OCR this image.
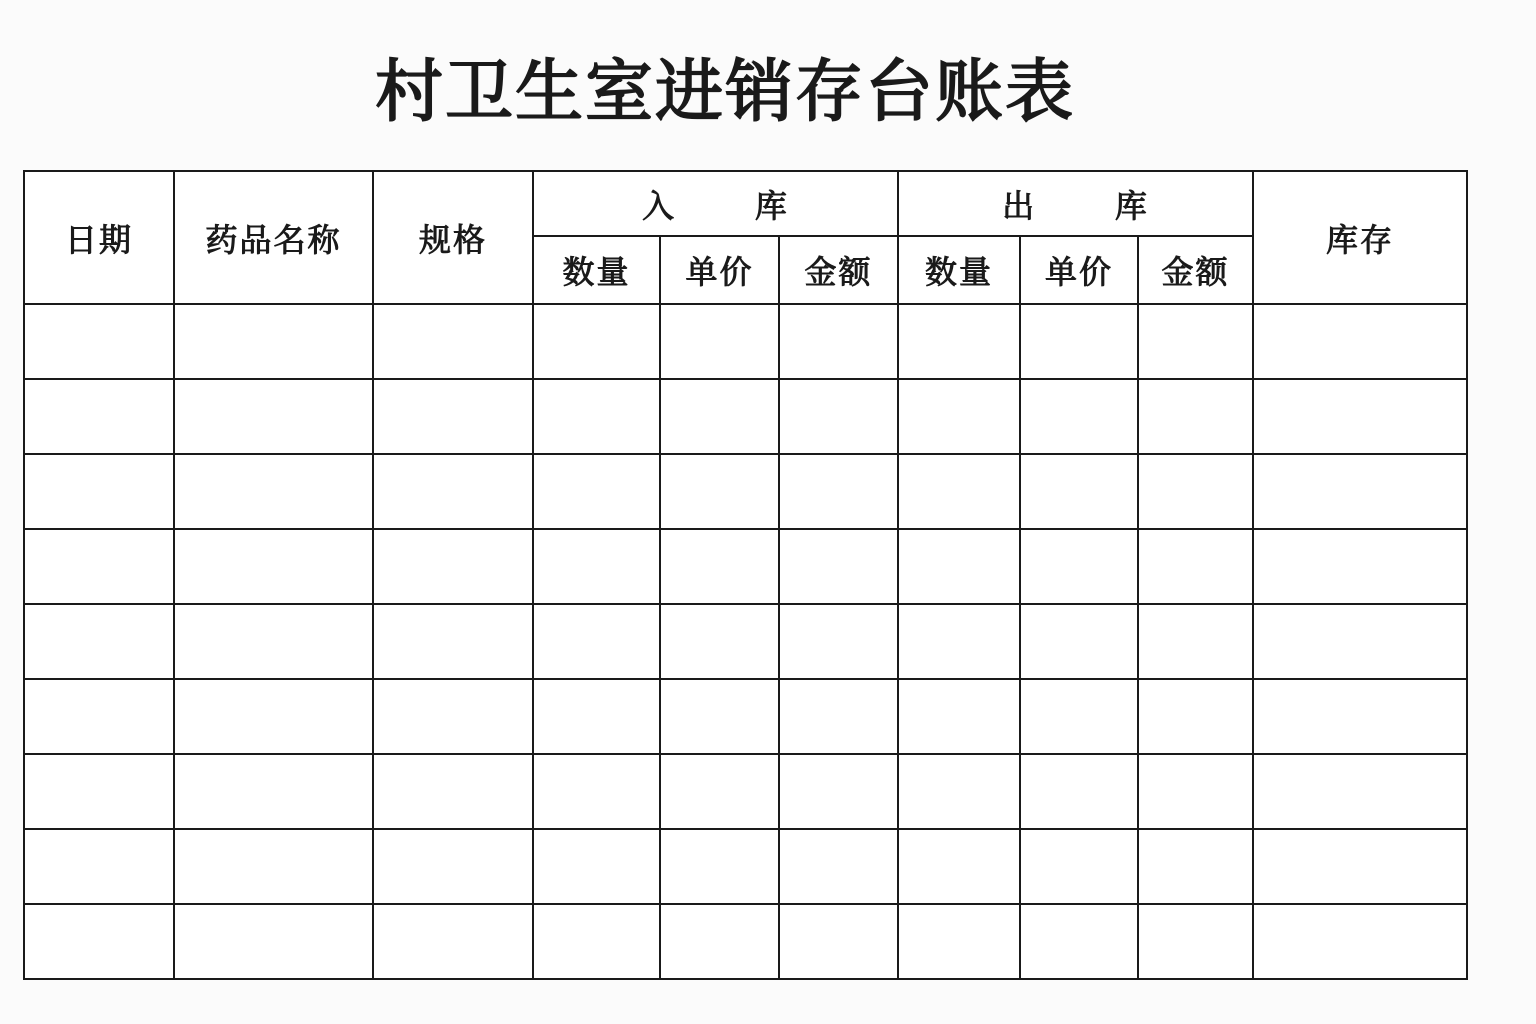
村卫生室进销存台账表
日期	药品名称	规格	入      库			出      库			库存
			数量	单价	金额	数量	单价	金额	
